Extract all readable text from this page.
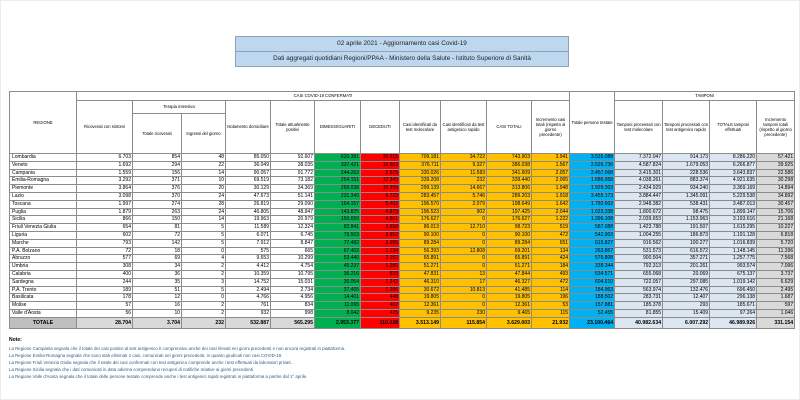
02 aprile 2021 - Aggiornamento casi Covid-19
Dati aggregati quotidiani Regioni/PPAA - Ministero della Salute - Istituto Superiore di Sanità
REGIONE	CASI COVID-19 CONFERMATI											Totale persone testate	TAMPONI			
	Ricoverati con sintomi	Terapia intensiva		Isolamento domiciliare	Totale attualmente positivi	DIMESSI/GUARITI	DECEDUTI	Casi identificati da test molecolare	Casi identificati da test antigenico rapido	CASI TOTALI	Incremento casi totali (rispetto al giorno precedente)		Tamponi processati con test molecolare	Tamponi processati con test antigenico rapido	TOTALE tamponi effettuati	Incremento tamponi totali (rispetto al giorno precedente)
		Totale ricoverati	Ingressi del giorno													
Lombardia	6.703	854	48	85.050	92.607	620.381	30.915	709.181	34.722	743.903	3.941	3.535.088	7.372.047	914.173	8.286.220	57.421
Veneto	1.692	294	22	36.049	38.035	337.421	10.582	376.711	9.327	386.038	1.567	2.526.736	4.587.824	1.679.053	6.266.877	39.925
Campania	1.559	156	14	90.057	91.772	244.262	5.575	330.026	11.583	341.609	2.057	2.457.068	3.415.301	228.536	3.643.837	22.586
Emilia-Romagna	3.292	371	10	69.519	73.182	254.151	12.345	339.208	232	339.440	2.065	1.686.958	4.038.261	883.374	4.921.635	30.298
Piemonte	3.864	376	20	30.129	34.369	269.038	10.399	299.139	14.667	313.806	1.948	1.929.303	2.434.929	934.240	3.369.169	14.894
Lazio	3.098	370	24	47.673	51.141	231.340	6.722	283.457	5.746	289.203	1.918	3.455.173	3.884.447	1.345.091	5.229.538	34.892
Toscana	1.997	274	28	26.819	29.090	164.157	5.402	196.570	2.079	198.649	1.642	1.792.602	2.948.382	538.431	3.487.013	30.457
Puglia	1.879	263	24	46.805	48.947	143.825	4.873	196.523	902	197.425	2.044	1.023.338	1.800.672	98.475	1.899.147	15.706
Sicilia	866	150	14	19.963	20.979	150.650	4.561	176.627	0	176.627	1.222	1.396.108	2.039.653	1.153.963	3.193.616	21.168
Friuli Venezia Giulia	654	81	5	11.589	12.324	82.841	3.558	86.013	12.710	98.723	519	587.088	1.423.788	191.507	1.615.295	10.227
Liguria	602	72	5	6.071	6.745	79.503	3.852	90.100	0	90.100	472	542.903	1.004.255	186.873	1.191.128	6.818
Marche	793	142	5	7.912	8.847	77.482	2.955	89.284	0	89.284	651	615.827	916.562	100.277	1.016.839	5.720
P.A. Bolzano	72	18	0	575	665	67.402	1.134	56.393	12.808	69.201	134	263.867	531.573	616.572	1.148.145	11.396
Abruzzo	577	69	4	9.653	10.299	53.440	2.152	65.891	0	65.891	424	576.808	900.504	357.271	1.257.775	7.568
Umbria	308	34	2	4.412	4.754	45.237	1.280	51.271	0	51.271	184	338.344	792.313	201.261	993.574	7.096
Calabria	400	36	2	10.359	10.795	36.216	833	47.831	13	47.844	493	634.571	655.068	20.069	675.137	3.737
Sardegna	244	35	3	14.752	15.031	30.054	1.242	46.310	17	46.327	472	604.610	722.057	297.085	1.019.142	6.629
P.A. Trento	189	51	5	2.494	2.734	37.465	1.286	30.672	10.813	41.485	114	184.963	563.974	132.476	696.450	2.495
Basilicata	178	12	0	4.766	4.956	14.401	448	19.805	0	19.805	196	188.502	283.731	12.407	296.138	1.687
Molise	57	16	2	761	834	11.065	462	12.361	0	12.361	53	157.881	185.378	293	185.671	597
Valle d'Aosta	56	10	2	932	998	8.042	425	9.235	230	9.465	115	52.455	81.855	15.409	97.264	1.046
TOTALE	28.704	3.704	232	532.887	565.295	2.953.377	110.328	3.513.149	115.854	3.629.003	21.932	23.100.464	40.982.634	6.007.292	46.989.926	331.154
Note:
La Regione Campania segnala che il totale dei casi positivi al test antigenico è comprensivo anche dei casi rilevati nei giorni precedenti e non ancora registrati in piattaforma.
La Regione Emilia-Romagna segnala che sono stati eliminati 2 casi, comunicati nei giorni precedenti, in quanto giudicati non casi COVID-19.
La Regione Friuli Venezia Giulia segnala che il totale dei casi confermati con test antigenico comprende anche i test effettuati da laboratori privati.
La Regione Sicilia segnala che i dati comunicati in data odierna comprendono recuperi di notifiche relative ai giorni precedenti.
La Regione Valle d'Aosta segnala che il totale delle persone testate comprende anche i test antigenici rapidi registrati in piattaforma a partire dal 1° aprile.
